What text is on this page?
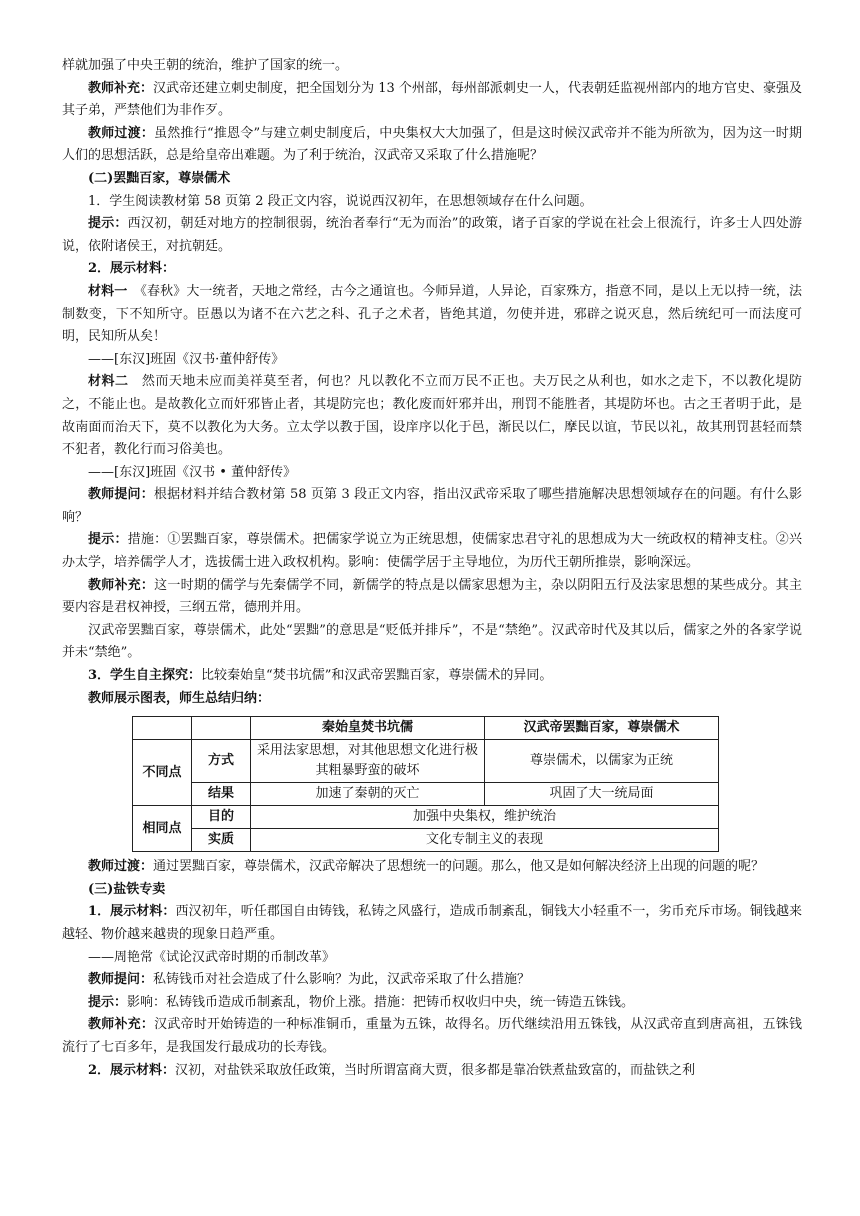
样就加强了中央王朝的统治，维护了国家的统一。

教师补充：汉武帝还建立刺史制度，把全国划分为 13 个州部，每州部派刺史一人，代表朝廷监视州部内的地方官史、豪强及其子弟，严禁他们为非作歹。

教师过渡：虽然推行“推恩令”与建立刺史制度后，中央集权大大加强了，但是这时候汉武帝并不能为所欲为，因为这一时期人们的思想活跃，总是给皇帝出难题。为了利于统治，汉武帝又采取了什么措施呢？

(二)罢黜百家，尊崇儒术

1．学生阅读教材第 58 页第 2 段正文内容，说说西汉初年，在思想领域存在什么问题。

提示：西汉初，朝廷对地方的控制很弱，统治者奉行“无为而治”的政策，诸子百家的学说在社会上很流行，许多士人四处游说，依附诸侯王，对抗朝廷。

2．展示材料：

材料一　《春秋》大一统者，天地之常经，古今之通谊也。今师异道，人异论，百家殊方，指意不同，是以上无以持一统，法制数变，下不知所守。臣愚以为诸不在六艺之科、孔子之术者，皆绝其道，勿使并进，邪辟之说灭息，然后统纪可一而法度可明，民知所从矣！

——[东汉]班固《汉书·董仲舒传》

材料二　然而天地未应而美祥莫至者，何也？凡以教化不立而万民不正也。夫万民之从利也，如水之走下，不以教化堤防之，不能止也。是故教化立而奸邪皆止者，其堤防完也；教化废而奸邪并出，刑罚不能胜者，其堤防坏也。古之王者明于此，是故南面而治天下，莫不以教化为大务。立太学以教于国，设庠序以化于邑，渐民以仁，摩民以谊，节民以礼，故其刑罚甚轻而禁不犯者，教化行而习俗美也。

——[东汉]班固《汉书 • 董仲舒传》

教师提问：根据材料并结合教材第 58 页第 3 段正文内容，指出汉武帝采取了哪些措施解决思想领域存在的问题。有什么影响？

提示：措施：①罢黜百家，尊崇儒术。把儒家学说立为正统思想，使儒家忠君守礼的思想成为大一统政权的精神支柱。②兴办太学，培养儒学人才，选拔儒士进入政权机构。影响：使儒学居于主导地位，为历代王朝所推崇，影响深远。

教师补充：这一时期的儒学与先秦儒学不同，新儒学的特点是以儒家思想为主，杂以阴阳五行及法家思想的某些成分。其主要内容是君权神授，三纲五常，德刑并用。

汉武帝罢黜百家，尊崇儒术，此处“罢黜”的意思是“贬低并排斥”，不是“禁绝”。汉武帝时代及其以后，儒家之外的各家学说并未“禁绝”。

3．学生自主探究：比较秦始皇“焚书坑儒”和汉武帝罢黜百家，尊崇儒术的异同。

教师展示图表，师生总结归纳：

		秦始皇焚书坑儒	汉武帝罢黜百家，尊崇儒术
不同点	方式	采用法家思想，对其他思想文化进行极其粗暴野蛮的破坏	尊崇儒术，以儒家为正统
	结果	加速了秦朝的灭亡	巩固了大一统局面
相同点	目的	加强中央集权，维护统治	
	实质	文化专制主义的表现	

教师过渡：通过罢黜百家，尊崇儒术，汉武帝解决了思想统一的问题。那么，他又是如何解决经济上出现的问题的呢？

(三)盐铁专卖

1．展示材料：西汉初年，听任郡国自由铸钱，私铸之风盛行，造成币制紊乱，铜钱大小轻重不一，劣币充斥市场。铜钱越来越轻、物价越来越贵的现象日趋严重。

——周艳常《试论汉武帝时期的币制改革》

教师提问：私铸钱币对社会造成了什么影响？为此，汉武帝采取了什么措施？

提示：影响：私铸钱币造成币制紊乱，物价上涨。措施：把铸币权收归中央，统一铸造五铢钱。

教师补充：汉武帝时开始铸造的一种标准铜币，重量为五铢，故得名。历代继续沿用五铢钱，从汉武帝直到唐高祖，五铢钱流行了七百多年，是我国发行最成功的长寿钱。

2．展示材料：汉初，对盐铁采取放任政策，当时所谓富商大贾，很多都是靠冶铁煮盐致富的，而盐铁之利
